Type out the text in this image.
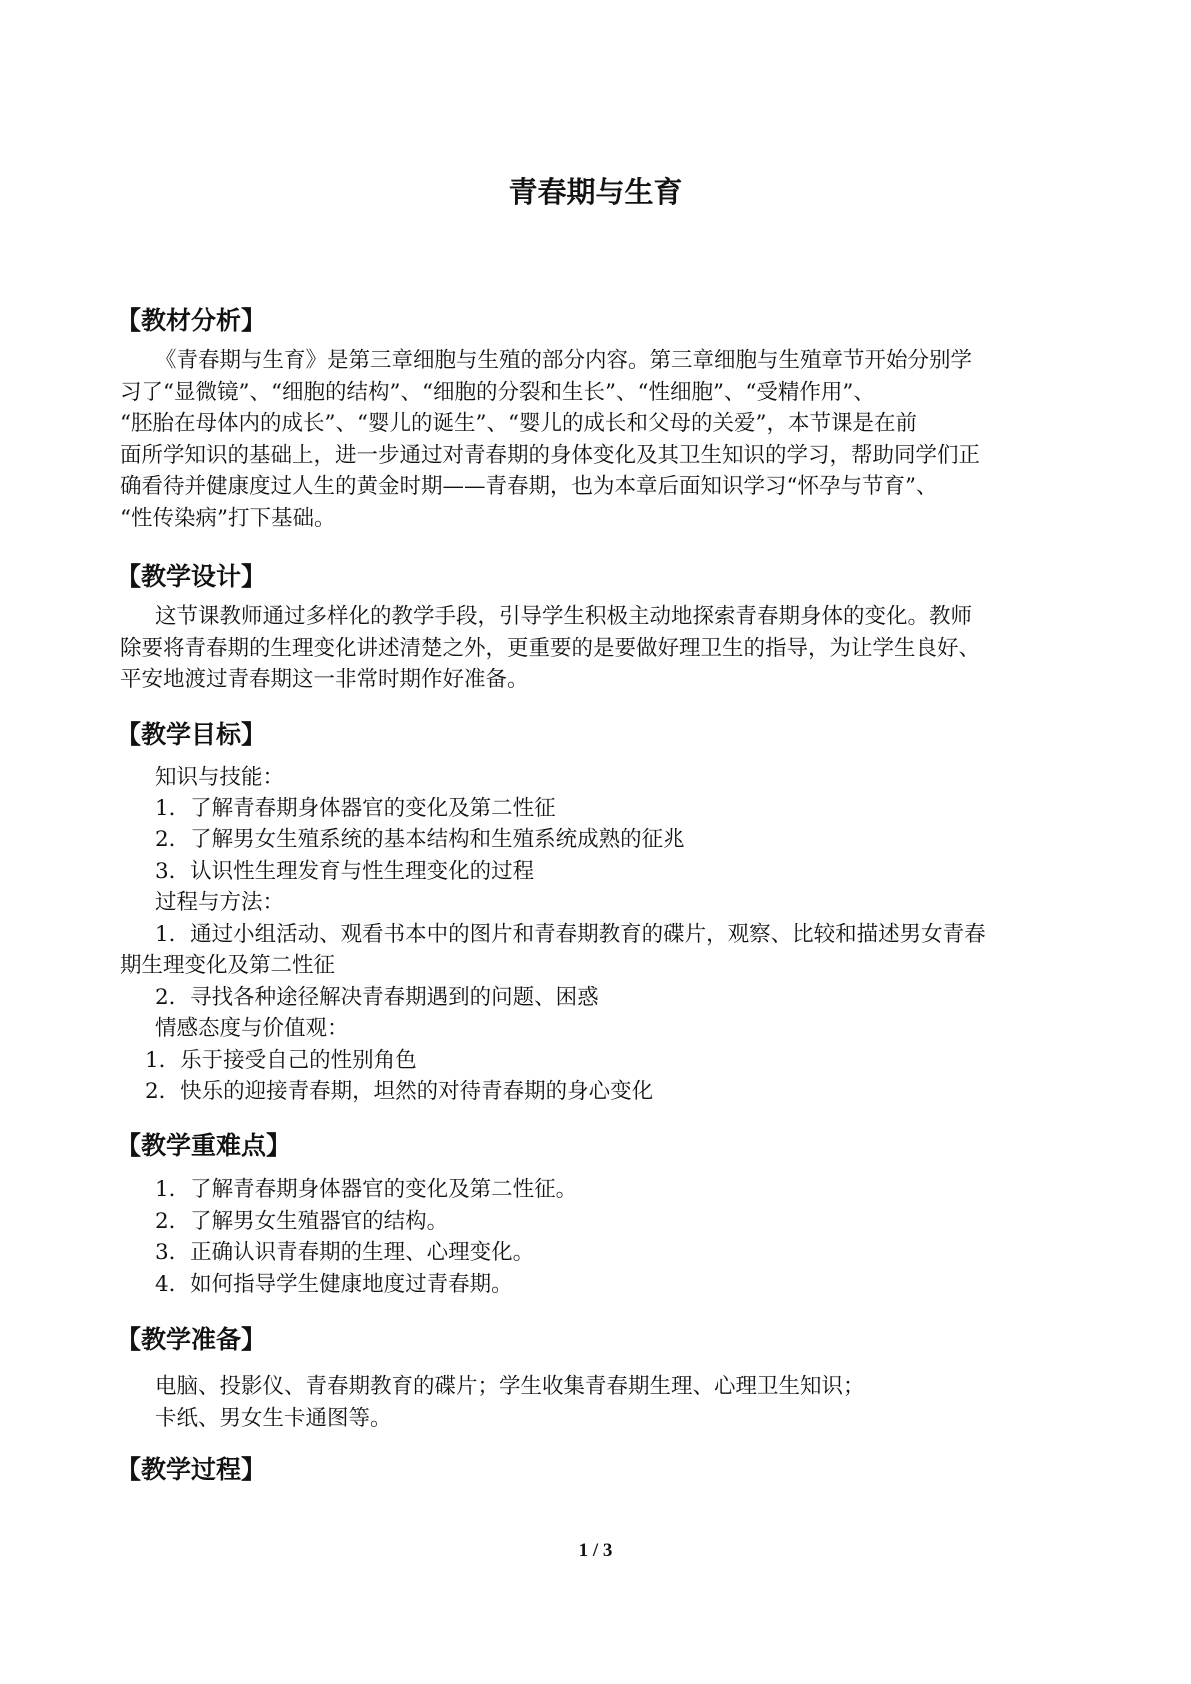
青春期与生育
【教材分析】
《青春期与生育》是第三章细胞与生殖的部分内容。第三章细胞与生殖章节开始分别学
习了“显微镜”、“细胞的结构”、“细胞的分裂和生长”、“性细胞”、“受精作用”、
“胚胎在母体内的成长”、“婴儿的诞生”、“婴儿的成长和父母的关爱”，本节课是在前
面所学知识的基础上，进一步通过对青春期的身体变化及其卫生知识的学习，帮助同学们正
确看待并健康度过人生的黄金时期——青春期，也为本章后面知识学习“怀孕与节育”、
“性传染病”打下基础。
【教学设计】
这节课教师通过多样化的教学手段，引导学生积极主动地探索青春期身体的变化。教师
除要将青春期的生理变化讲述清楚之外，更重要的是要做好理卫生的指导，为让学生良好、
平安地渡过青春期这一非常时期作好准备。
【教学目标】
知识与技能：
1．了解青春期身体器官的变化及第二性征
2．了解男女生殖系统的基本结构和生殖系统成熟的征兆
3．认识性生理发育与性生理变化的过程
过程与方法：
1．通过小组活动、观看书本中的图片和青春期教育的碟片，观察、比较和描述男女青春
期生理变化及第二性征
2．寻找各种途径解决青春期遇到的问题、困惑
情感态度与价值观：
1．乐于接受自己的性别角色
2．快乐的迎接青春期，坦然的对待青春期的身心变化
【教学重难点】
1．了解青春期身体器官的变化及第二性征。
2．了解男女生殖器官的结构。
3．正确认识青春期的生理、心理变化。
4．如何指导学生健康地度过青春期。
【教学准备】
电脑、投影仪、青春期教育的碟片；学生收集青春期生理、心理卫生知识；
卡纸、男女生卡通图等。
【教学过程】
1 / 3
